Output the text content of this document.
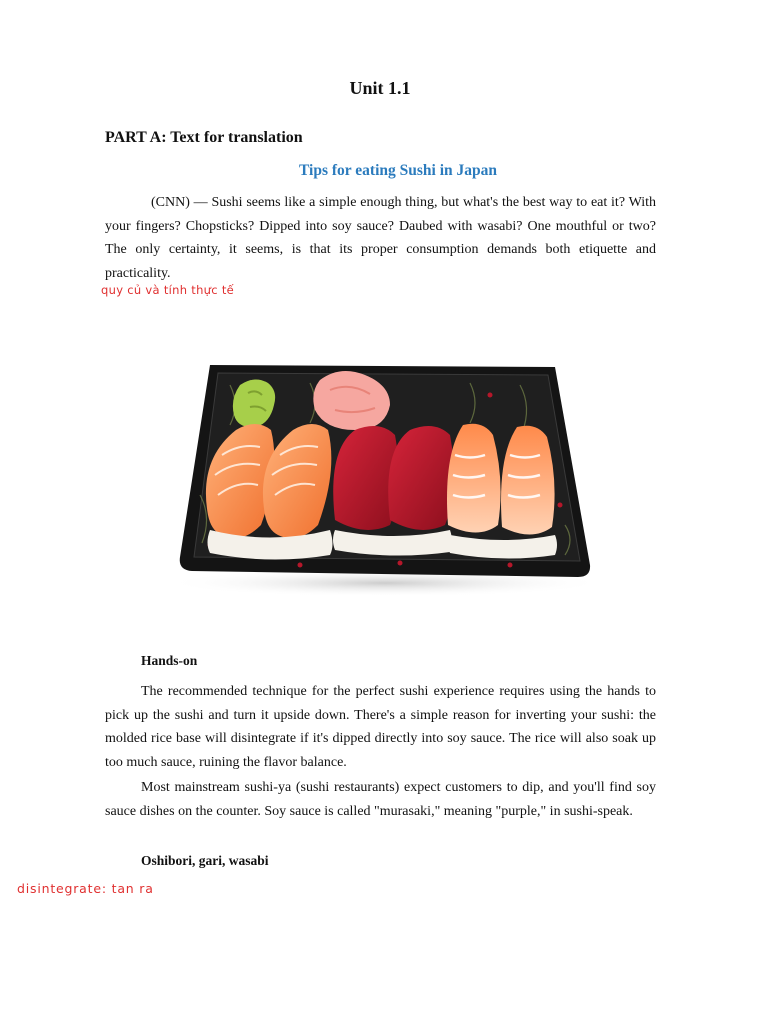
Unit 1.1
PART A: Text for translation
Tips for eating Sushi in Japan

(CNN) — Sushi seems like a simple enough thing, but what's the best way to eat it? With your fingers? Chopsticks? Dipped into soy sauce? Daubed with wasabi? One mouthful or two? The only certainty, it seems, is that its proper consumption demands both etiquette and practicality.

quy củ và tính thực tế
Hands-on

The recommended technique for the perfect sushi experience requires using the hands to pick up the sushi and turn it upside down. There's a simple reason for inverting your sushi: the molded rice base will disintegrate if it's dipped directly into soy sauce. The rice will also soak up too much sauce, ruining the flavor balance.

Most mainstream sushi-ya (sushi restaurants) expect customers to dip, and you'll find soy sauce dishes on the counter. Soy sauce is called "murasaki," meaning "purple," in sushi-speak.

Oshibori, gari, wasabi
disintegrate: tan ra
